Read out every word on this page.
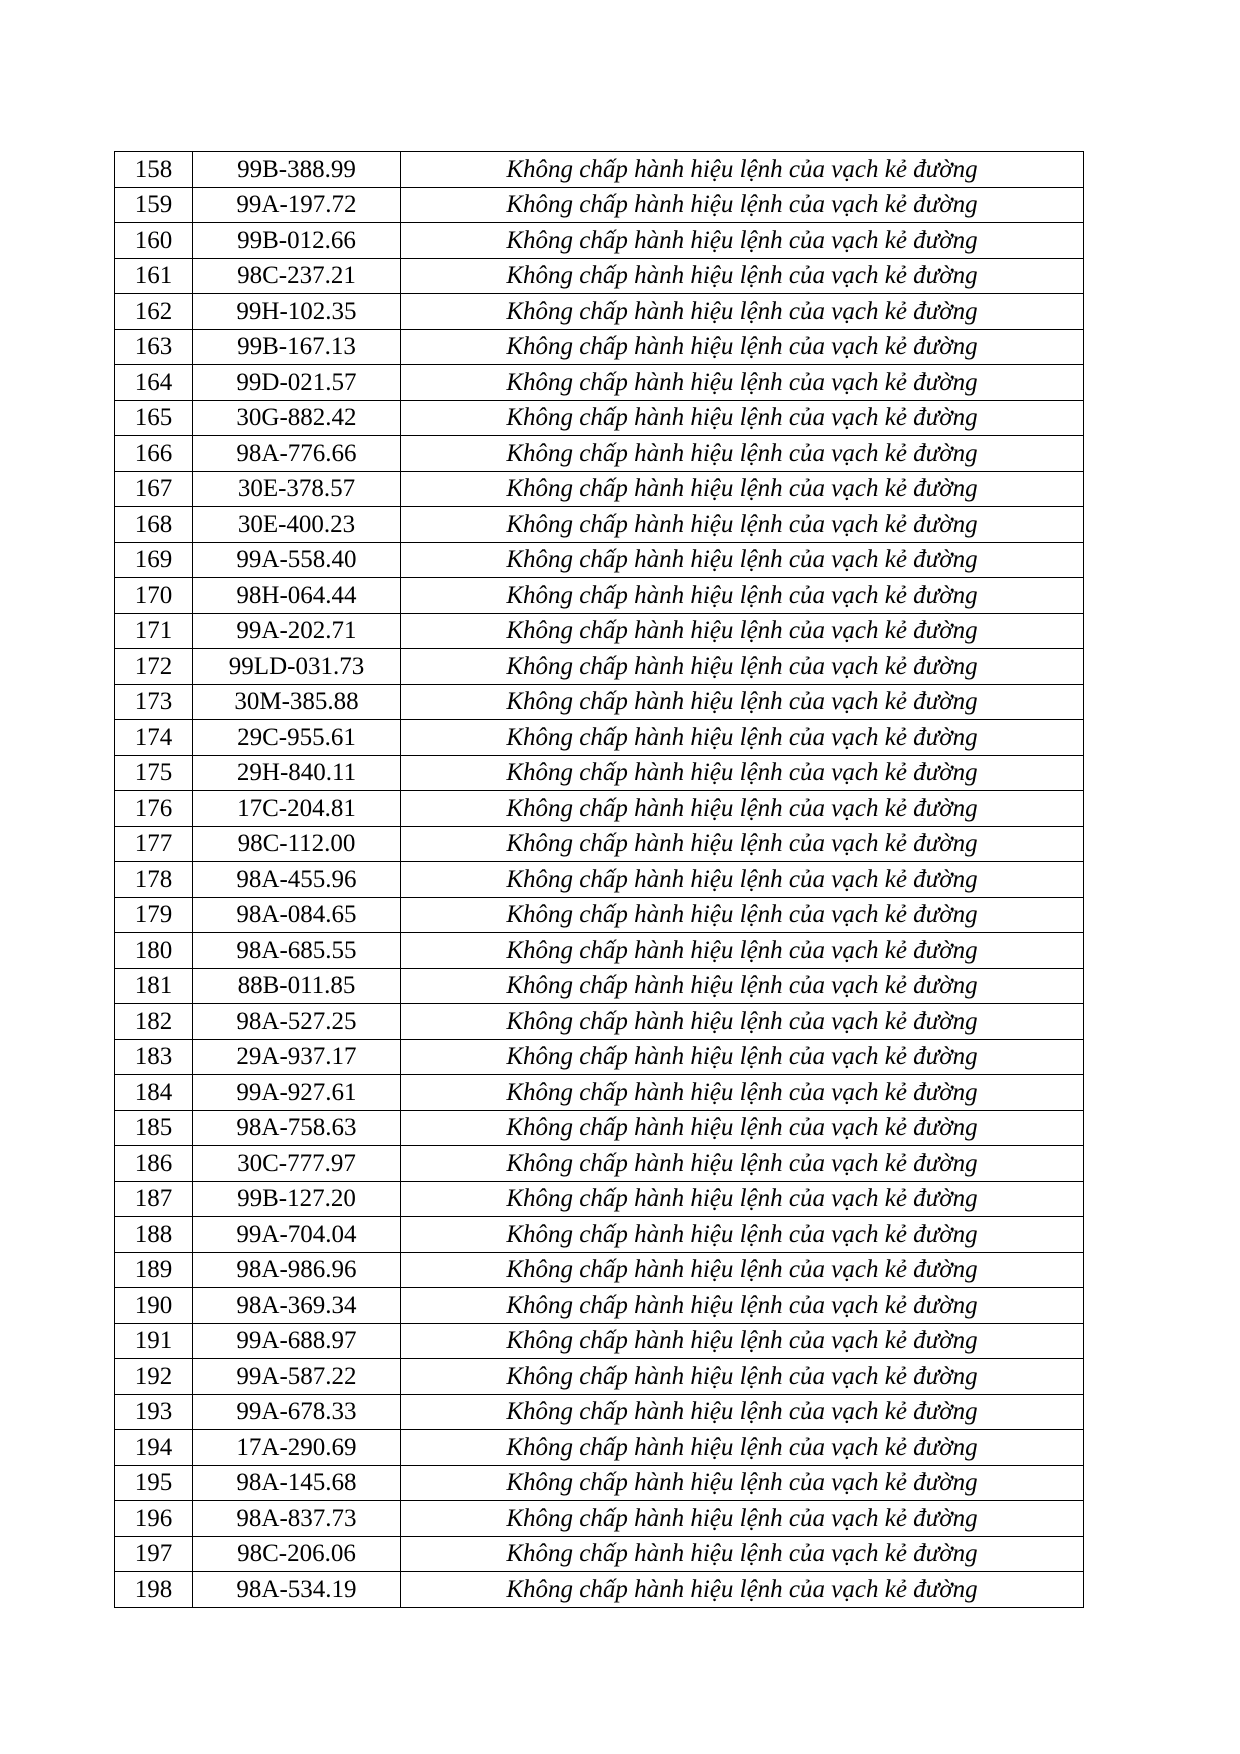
158	99B-388.99	Không chấp hành hiệu lệnh của vạch kẻ đường
159	99A-197.72	Không chấp hành hiệu lệnh của vạch kẻ đường
160	99B-012.66	Không chấp hành hiệu lệnh của vạch kẻ đường
161	98C-237.21	Không chấp hành hiệu lệnh của vạch kẻ đường
162	99H-102.35	Không chấp hành hiệu lệnh của vạch kẻ đường
163	99B-167.13	Không chấp hành hiệu lệnh của vạch kẻ đường
164	99D-021.57	Không chấp hành hiệu lệnh của vạch kẻ đường
165	30G-882.42	Không chấp hành hiệu lệnh của vạch kẻ đường
166	98A-776.66	Không chấp hành hiệu lệnh của vạch kẻ đường
167	30E-378.57	Không chấp hành hiệu lệnh của vạch kẻ đường
168	30E-400.23	Không chấp hành hiệu lệnh của vạch kẻ đường
169	99A-558.40	Không chấp hành hiệu lệnh của vạch kẻ đường
170	98H-064.44	Không chấp hành hiệu lệnh của vạch kẻ đường
171	99A-202.71	Không chấp hành hiệu lệnh của vạch kẻ đường
172	99LD-031.73	Không chấp hành hiệu lệnh của vạch kẻ đường
173	30M-385.88	Không chấp hành hiệu lệnh của vạch kẻ đường
174	29C-955.61	Không chấp hành hiệu lệnh của vạch kẻ đường
175	29H-840.11	Không chấp hành hiệu lệnh của vạch kẻ đường
176	17C-204.81	Không chấp hành hiệu lệnh của vạch kẻ đường
177	98C-112.00	Không chấp hành hiệu lệnh của vạch kẻ đường
178	98A-455.96	Không chấp hành hiệu lệnh của vạch kẻ đường
179	98A-084.65	Không chấp hành hiệu lệnh của vạch kẻ đường
180	98A-685.55	Không chấp hành hiệu lệnh của vạch kẻ đường
181	88B-011.85	Không chấp hành hiệu lệnh của vạch kẻ đường
182	98A-527.25	Không chấp hành hiệu lệnh của vạch kẻ đường
183	29A-937.17	Không chấp hành hiệu lệnh của vạch kẻ đường
184	99A-927.61	Không chấp hành hiệu lệnh của vạch kẻ đường
185	98A-758.63	Không chấp hành hiệu lệnh của vạch kẻ đường
186	30C-777.97	Không chấp hành hiệu lệnh của vạch kẻ đường
187	99B-127.20	Không chấp hành hiệu lệnh của vạch kẻ đường
188	99A-704.04	Không chấp hành hiệu lệnh của vạch kẻ đường
189	98A-986.96	Không chấp hành hiệu lệnh của vạch kẻ đường
190	98A-369.34	Không chấp hành hiệu lệnh của vạch kẻ đường
191	99A-688.97	Không chấp hành hiệu lệnh của vạch kẻ đường
192	99A-587.22	Không chấp hành hiệu lệnh của vạch kẻ đường
193	99A-678.33	Không chấp hành hiệu lệnh của vạch kẻ đường
194	17A-290.69	Không chấp hành hiệu lệnh của vạch kẻ đường
195	98A-145.68	Không chấp hành hiệu lệnh của vạch kẻ đường
196	98A-837.73	Không chấp hành hiệu lệnh của vạch kẻ đường
197	98C-206.06	Không chấp hành hiệu lệnh của vạch kẻ đường
198	98A-534.19	Không chấp hành hiệu lệnh của vạch kẻ đường
